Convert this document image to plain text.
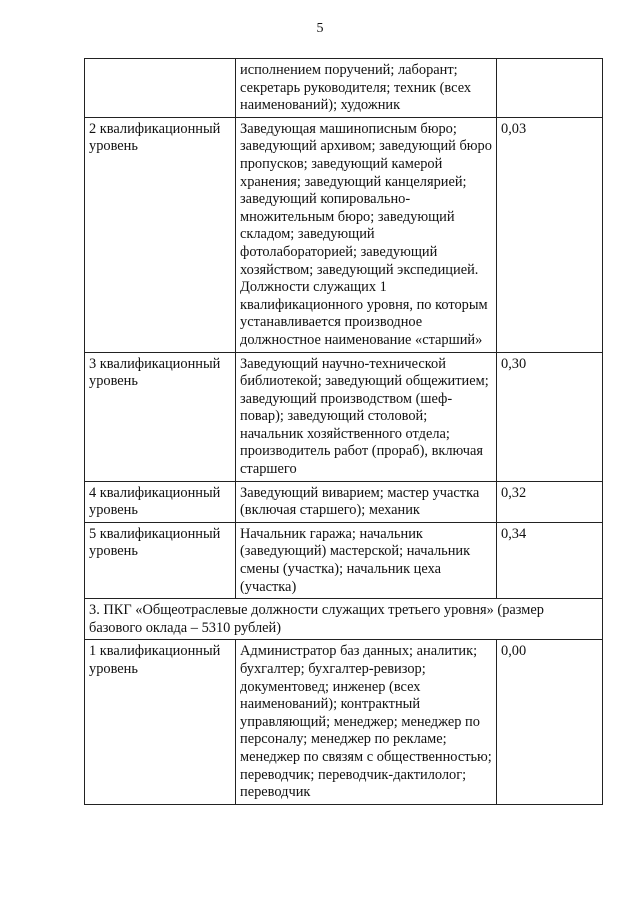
5
	исполнением поручений; лаборант; секретарь руководителя; техник (всех наименований); художник	
2 квалификационный уровень	Заведующая машинописным бюро; заведующий архивом; заведующий бюро пропусков; заведующий камерой хранения; заведующий канцелярией; заведующий копировально-множительным бюро; заведующий складом; заведующий фотолабораторией; заведующий хозяйством; заведующий экспедицией. Должности служащих 1 квалификационного уровня, по которым устанавливается производное должностное наименование «старший»	0,03
3 квалификационный уровень	Заведующий научно-технической библиотекой; заведующий общежитием; заведующий производством (шеф-повар); заведующий столовой; начальник хозяйственного отдела; производитель работ (прораб), включая старшего	0,30
4 квалификационный уровень	Заведующий виварием; мастер участка (включая старшего); механик	0,32
5 квалификационный уровень	Начальник гаража; начальник (заведующий) мастерской; начальник смены (участка); начальник цеха (участка)	0,34
3. ПКГ «Общеотраслевые должности служащих третьего уровня» (размер базового оклада – 5310 рублей)		
1 квалификационный уровень	Администратор баз данных; аналитик; бухгалтер; бухгалтер-ревизор; документовед; инженер (всех наименований); контрактный управляющий; менеджер; менеджер по персоналу; менеджер по рекламе; менеджер по связям с общественностью; переводчик; переводчик-дактилолог; переводчик	0,00
